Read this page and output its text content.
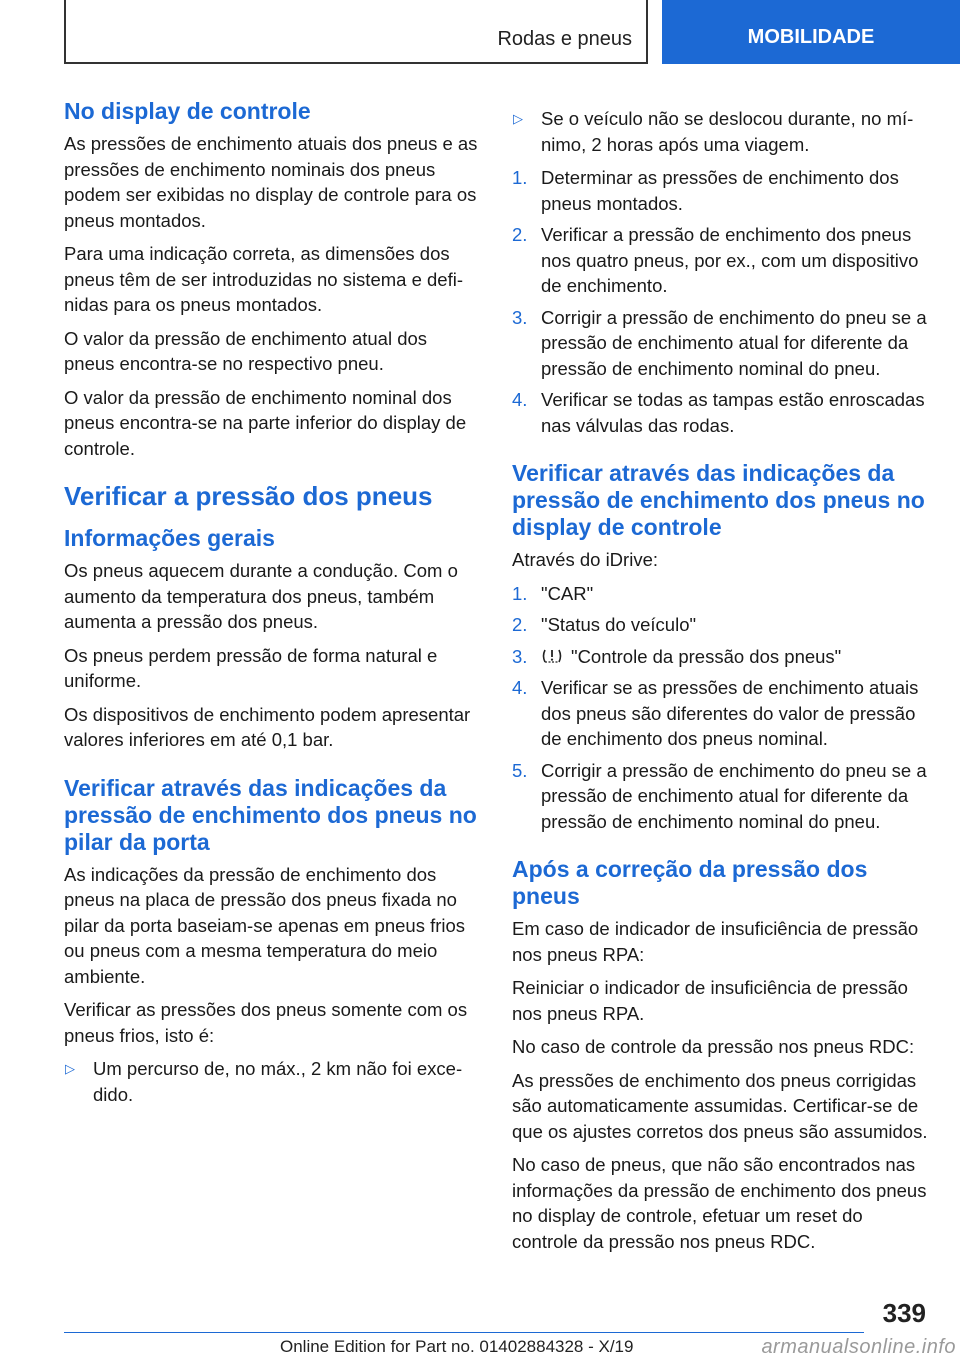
Rodas e pneus	MOBILIDADE
No display de controle

As pressões de enchimento atuais dos pneus e as pressões de enchimento nominais dos pneus podem ser exibidas no display de controle para os pneus montados.

Para uma indicação correta, as dimensões dos pneus têm de ser introduzidas no sistema e definidas para os pneus montados.

O valor da pressão de enchimento atual dos pneus encontra-se no respectivo pneu.

O valor da pressão de enchimento nominal dos pneus encontra-se na parte inferior do display de controle.

Verificar a pressão dos pneus
Informações gerais

Os pneus aquecem durante a condução. Com o aumento da temperatura dos pneus, também aumenta a pressão dos pneus.

Os pneus perdem pressão de forma natural e uniforme.

Os dispositivos de enchimento podem apresentar valores inferiores em até 0,1 bar.

Verificar através das indicações da pressão de enchimento dos pneus no pilar da porta

As indicações da pressão de enchimento dos pneus na placa de pressão dos pneus fixada no pilar da porta baseiam-se apenas em pneus frios ou pneus com a mesma temperatura do meio ambiente.

Verificar as pressões dos pneus somente com os pneus frios, isto é:

▷ Um percurso de, no máx., 2 km não foi excedido.
▷ Se o veículo não se deslocou durante, no mínimo, 2 horas após uma viagem.
1. Determinar as pressões de enchimento dos pneus montados.
2. Verificar a pressão de enchimento dos pneus nos quatro pneus, por ex., com um dispositivo de enchimento.
3. Corrigir a pressão de enchimento do pneu se a pressão de enchimento atual for diferente da pressão de enchimento nominal do pneu.
4. Verificar se todas as tampas estão enroscadas nas válvulas das rodas.
Verificar através das indicações da pressão de enchimento dos pneus no display de controle

Através do iDrive:

1. "CAR"
2. "Status do veículo"
3. "Controle da pressão dos pneus"
4. Verificar se as pressões de enchimento atuais dos pneus são diferentes do valor de pressão de enchimento dos pneus nominal.
5. Corrigir a pressão de enchimento do pneu se a pressão de enchimento atual for diferente da pressão de enchimento nominal do pneu.
Após a correção da pressão dos pneus

Em caso de indicador de insuficiência de pressão nos pneus RPA:

Reiniciar o indicador de insuficiência de pressão nos pneus RPA.

No caso de controle da pressão nos pneus RDC:

As pressões de enchimento dos pneus corrigidas são automaticamente assumidas. Certificar-se de que os ajustes corretos dos pneus são assumidos.

No caso de pneus, que não são encontrados nas informações da pressão de enchimento dos pneus no display de controle, efetuar um reset do controle da pressão nos pneus RDC.

339
Online Edition for Part no. 01402884328 - X/19	armanualsonline.info
